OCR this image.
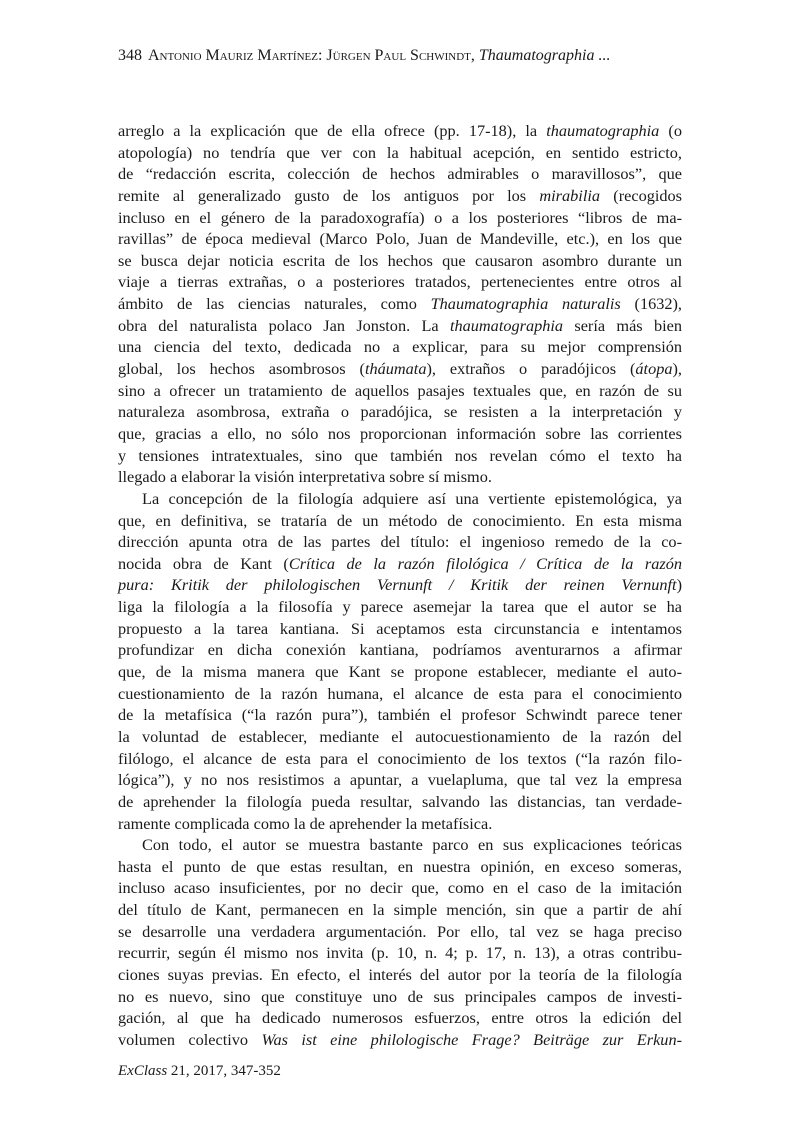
348 Antonio Mauriz Martínez: Jürgen Paul Schwindt, Thaumatographia ...
arreglo a la explicación que de ella ofrece (pp. 17-18), la thaumatographia (o
atopología) no tendría que ver con la habitual acepción, en sentido estricto,
de “redacción escrita, colección de hechos admirables o maravillosos”, que
remite al generalizado gusto de los antiguos por los mirabilia (recogidos
incluso en el género de la paradoxografía) o a los posteriores “libros de ma-
ravillas” de época medieval (Marco Polo, Juan de Mandeville, etc.), en los que
se busca dejar noticia escrita de los hechos que causaron asombro durante un
viaje a tierras extrañas, o a posteriores tratados, pertenecientes entre otros al
ámbito de las ciencias naturales, como Thaumatographia naturalis (1632),
obra del naturalista polaco Jan Jonston. La thaumatographia sería más bien
una ciencia del texto, dedicada no a explicar, para su mejor comprensión
global, los hechos asombrosos (tháumata), extraños o paradójicos (átopa),
sino a ofrecer un tratamiento de aquellos pasajes textuales que, en razón de su
naturaleza asombrosa, extraña o paradójica, se resisten a la interpretación y
que, gracias a ello, no sólo nos proporcionan información sobre las corrientes
y tensiones intratextuales, sino que también nos revelan cómo el texto ha
llegado a elaborar la visión interpretativa sobre sí mismo.
La concepción de la filología adquiere así una vertiente epistemológica, ya
que, en definitiva, se trataría de un método de conocimiento. En esta misma
dirección apunta otra de las partes del título: el ingenioso remedo de la co-
nocida obra de Kant (Crítica de la razón filológica / Crítica de la razón
pura: Kritik der philologischen Vernunft / Kritik der reinen Vernunft)
liga la filología a la filosofía y parece asemejar la tarea que el autor se ha
propuesto a la tarea kantiana. Si aceptamos esta circunstancia e intentamos
profundizar en dicha conexión kantiana, podríamos aventurarnos a afirmar
que, de la misma manera que Kant se propone establecer, mediante el auto-
cuestionamiento de la razón humana, el alcance de esta para el conocimiento
de la metafísica (“la razón pura”), también el profesor Schwindt parece tener
la voluntad de establecer, mediante el autocuestionamiento de la razón del
filólogo, el alcance de esta para el conocimiento de los textos (“la razón filo-
lógica”), y no nos resistimos a apuntar, a vuelapluma, que tal vez la empresa
de aprehender la filología pueda resultar, salvando las distancias, tan verdade-
ramente complicada como la de aprehender la metafísica.
Con todo, el autor se muestra bastante parco en sus explicaciones teóricas
hasta el punto de que estas resultan, en nuestra opinión, en exceso someras,
incluso acaso insuficientes, por no decir que, como en el caso de la imitación
del título de Kant, permanecen en la simple mención, sin que a partir de ahí
se desarrolle una verdadera argumentación. Por ello, tal vez se haga preciso
recurrir, según él mismo nos invita (p. 10, n. 4; p. 17, n. 13), a otras contribu-
ciones suyas previas. En efecto, el interés del autor por la teoría de la filología
no es nuevo, sino que constituye uno de sus principales campos de investi-
gación, al que ha dedicado numerosos esfuerzos, entre otros la edición del
volumen colectivo Was ist eine philologische Frage? Beiträge zur Erkun-
ExClass 21, 2017, 347-352
